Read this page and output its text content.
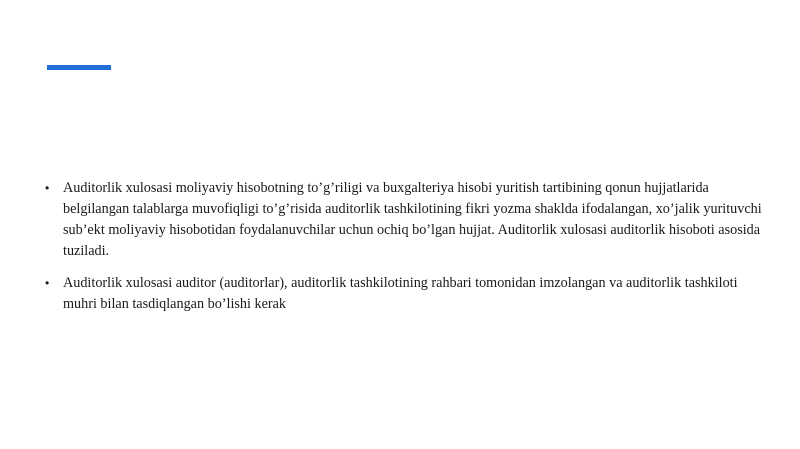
• Auditorlik xulosasi moliyaviy hisobotning to’g’riligi va buxgalteriya hisobi yuritish tartibining qonun hujjatlarida belgilangan talablarga muvofiqligi to’g’risida auditorlik tashkilotining fikri yozma shaklda ifodalangan, xo’jalik yurituvchi sub’ekt moliyaviy hisobotidan foydalanuvchilar uchun ochiq bo’lgan hujjat. Auditorlik xulosasi auditorlik hisoboti asosida tuziladi.
• Auditorlik xulosasi auditor (auditorlar), auditorlik tashkilotining rahbari tomonidan imzolangan va auditorlik tashkiloti muhri bilan tasdiqlangan bo’lishi kerak
